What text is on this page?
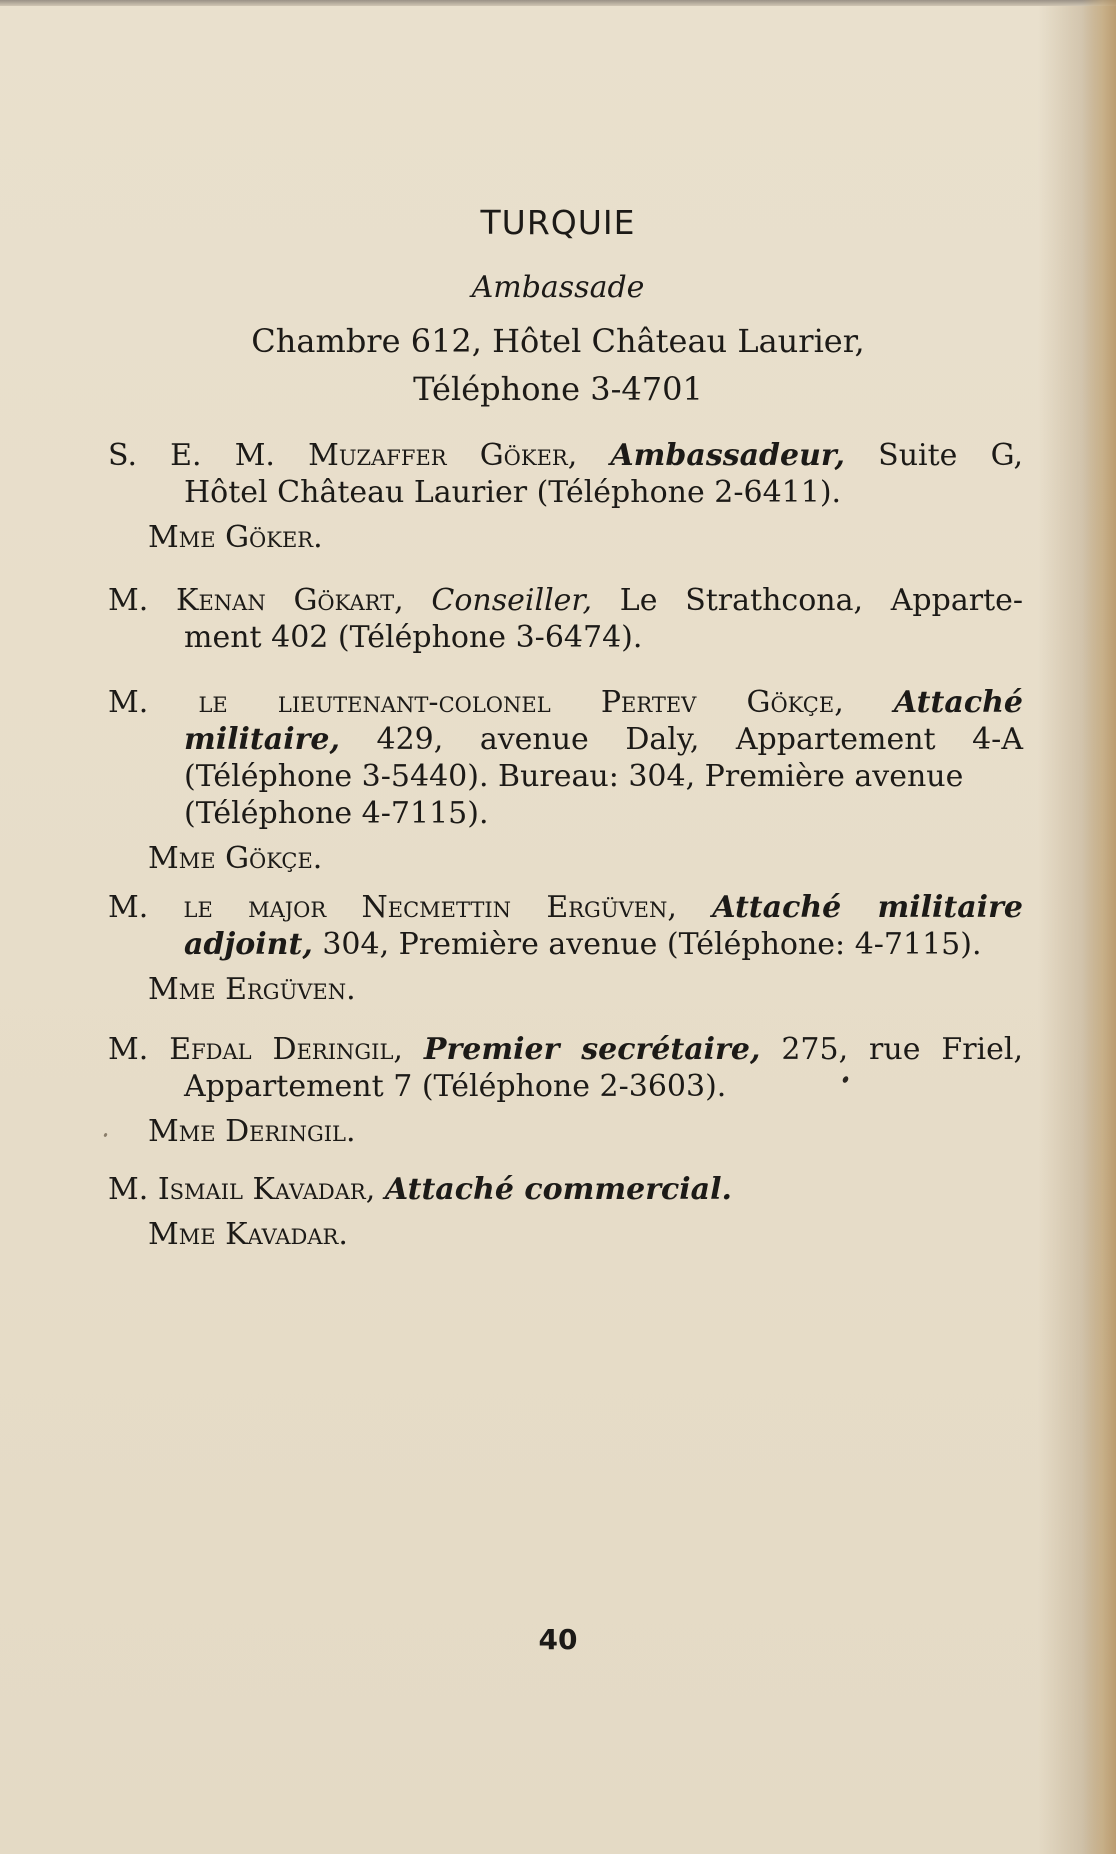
TURQUIE
Ambassade
Chambre 612, Hôtel Château Laurier,
Téléphone 3-4701
S. E. M. Muzaffer Göker, Ambassadeur, Suite G,
Hôtel Château Laurier (Téléphone 2-6411).
Mme Göker.
M. Kenan Gökart, Conseiller, Le Strathcona, Apparte-
ment 402 (Téléphone 3-6474).
M. le lieutenant-colonel Pertev Gökçe, Attaché
militaire, 429, avenue Daly, Appartement 4-A
(Téléphone 3-5440). Bureau: 304, Première avenue
(Téléphone 4-7115).
Mme Gökçe.
M. le major Necmettin Ergüven, Attaché militaire
adjoint, 304, Première avenue (Téléphone: 4-7115).
Mme Ergüven.
M. Efdal Deringil, Premier secrétaire, 275, rue Friel,
Appartement 7 (Téléphone 2-3603).
Mme Deringil.
M. Ismail Kavadar, Attaché commercial.
Mme Kavadar.
40
